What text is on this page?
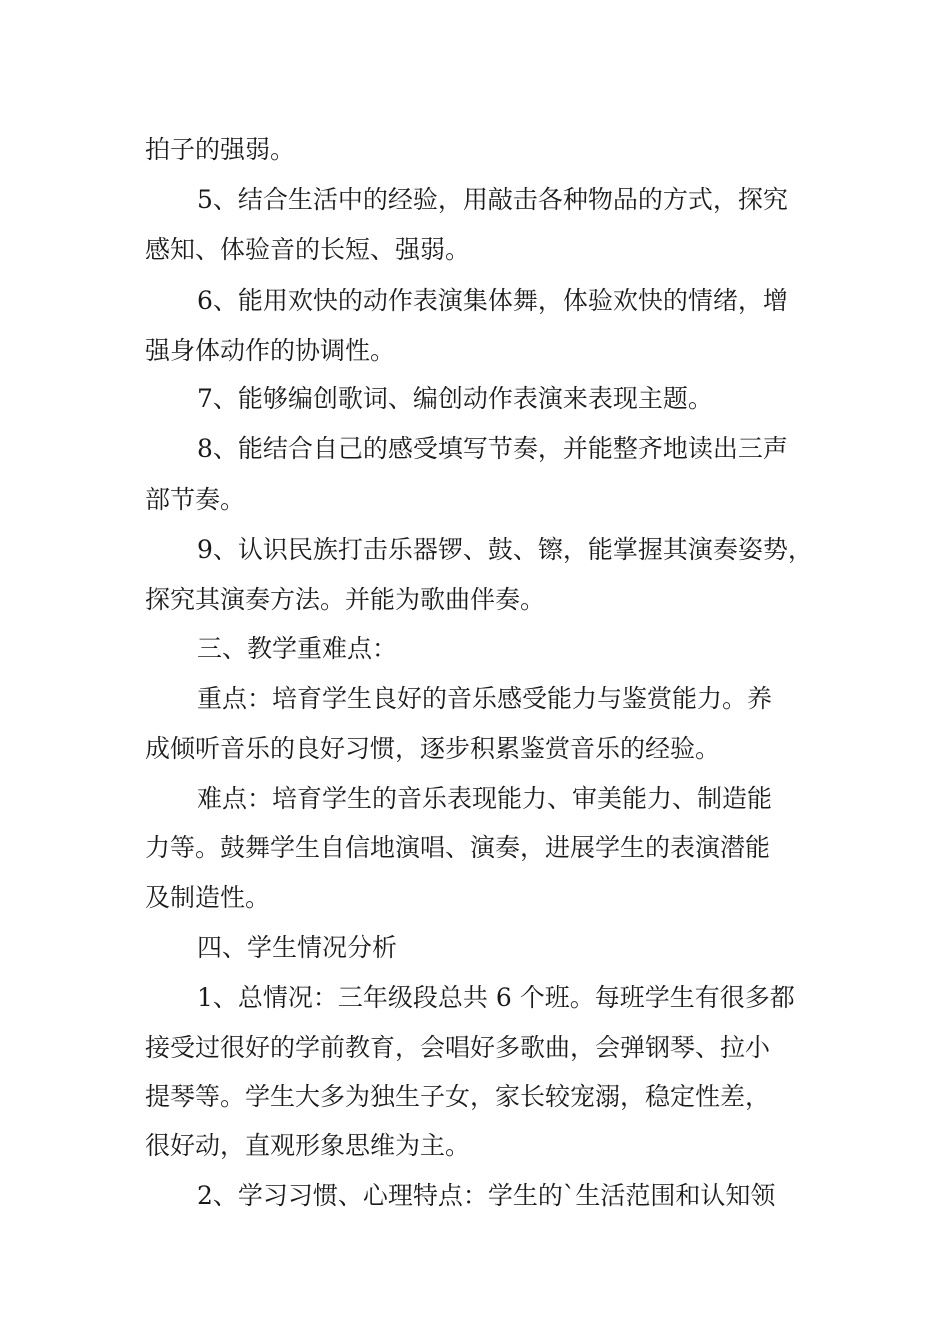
拍子的强弱。
5、结合生活中的经验，用敲击各种物品的方式，探究
感知、体验音的长短、强弱。
6、能用欢快的动作表演集体舞，体验欢快的情绪，增
强身体动作的协调性。
7、能够编创歌词、编创动作表演来表现主题。
8、能结合自己的感受填写节奏，并能整齐地读出三声
部节奏。
9、认识民族打击乐器锣、鼓、镲，能掌握其演奏姿势，
探究其演奏方法。并能为歌曲伴奏。
三、教学重难点：
重点：培育学生良好的音乐感受能力与鉴赏能力。养
成倾听音乐的良好习惯，逐步积累鉴赏音乐的经验。
难点：培育学生的音乐表现能力、审美能力、制造能
力等。鼓舞学生自信地演唱、演奏，进展学生的表演潜能
及制造性。
四、学生情况分析
1、总情况：三年级段总共 6 个班。每班学生有很多都
接受过很好的学前教育，会唱好多歌曲，会弹钢琴、拉小
提琴等。学生大多为独生子女，家长较宠溺，稳定性差，
很好动，直观形象思维为主。
2、学习习惯、心理特点：学生的`生活范围和认知领
